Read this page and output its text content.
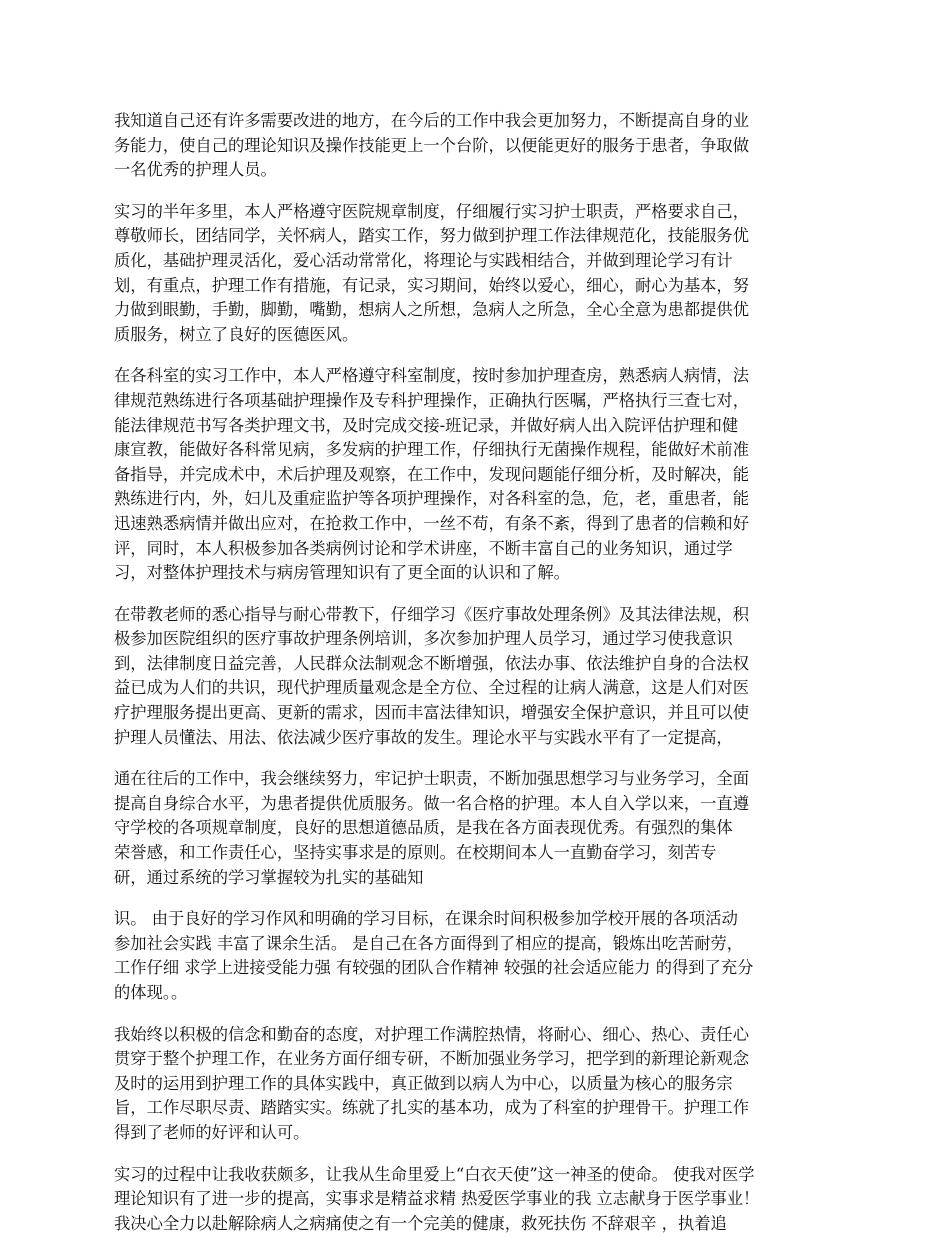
我知道自己还有许多需要改进的地方，在今后的工作中我会更加努力，不断提高自身的业
务能力，使自己的理论知识及操作技能更上一个台阶，以便能更好的服务于患者，争取做
一名优秀的护理人员。

实习的半年多里，本人严格遵守医院规章制度，仔细履行实习护士职责，严格要求自己，
尊敬师长，团结同学，关怀病人，踏实工作，努力做到护理工作法律规范化，技能服务优
质化，基础护理灵活化，爱心活动常常化，将理论与实践相结合，并做到理论学习有计
划，有重点，护理工作有措施，有记录，实习期间，始终以爱心，细心，耐心为基本，努
力做到眼勤，手勤，脚勤，嘴勤，想病人之所想，急病人之所急，全心全意为患都提供优
质服务，树立了良好的医德医风。

在各科室的实习工作中，本人严格遵守科室制度，按时参加护理查房，熟悉病人病情，法
律规范熟练进行各项基础护理操作及专科护理操作，正确执行医嘱，严格执行三查七对，
能法律规范书写各类护理文书，及时完成交接-班记录，并做好病人出入院评估护理和健
康宣教，能做好各科常见病，多发病的护理工作，仔细执行无菌操作规程，能做好术前准
备指导，并完成术中，术后护理及观察，在工作中，发现问题能仔细分析，及时解决，能
熟练进行内，外，妇儿及重症监护等各项护理操作，对各科室的急，危，老，重患者，能
迅速熟悉病情并做出应对，在抢救工作中，一丝不苟，有条不紊，得到了患者的信赖和好
评，同时，本人积极参加各类病例讨论和学术讲座，不断丰富自己的业务知识，通过学
习，对整体护理技术与病房管理知识有了更全面的认识和了解。

在带教老师的悉心指导与耐心带教下，仔细学习《医疗事故处理条例》及其法律法规，积
极参加医院组织的医疗事故护理条例培训，多次参加护理人员学习，通过学习使我意识
到，法律制度日益完善，人民群众法制观念不断增强，依法办事、依法维护自身的合法权
益已成为人们的共识，现代护理质量观念是全方位、全过程的让病人满意，这是人们对医
疗护理服务提出更高、更新的需求，因而丰富法律知识，增强安全保护意识，并且可以使
护理人员懂法、用法、依法减少医疗事故的发生。理论水平与实践水平有了一定提高，

通在往后的工作中，我会继续努力，牢记护士职责，不断加强思想学习与业务学习，全面
提高自身综合水平，为患者提供优质服务。做一名合格的护理。本人自入学以来，一直遵
守学校的各项规章制度，良好的思想道德品质，是我在各方面表现优秀。有强烈的集体
荣誉感，和工作责任心，坚持实事求是的原则。在校期间本人一直勤奋学习，刻苦专
研，通过系统的学习掌握较为扎实的基础知

识。 由于良好的学习作风和明确的学习目标，在课余时间积极参加学校开展的各项活动
参加社会实践 丰富了课余生活。 是自己在各方面得到了相应的提高，锻炼出吃苦耐劳，
工作仔细 求学上进接受能力强 有较强的团队合作精神 较强的社会适应能力 的得到了充分
的体现。。

我始终以积极的信念和勤奋的态度，对护理工作满腔热情，将耐心、细心、热心、责任心
贯穿于整个护理工作，在业务方面仔细专研，不断加强业务学习，把学到的新理论新观念
及时的运用到护理工作的具体实践中，真正做到以病人为中心，以质量为核心的服务宗
旨，工作尽职尽责、踏踏实实。练就了扎实的基本功，成为了科室的护理骨干。护理工作
得到了老师的好评和认可。

实习的过程中让我收获颇多，让我从生命里爱上“白衣天使”这一神圣的使命。 使我对医学
理论知识有了进一步的提高，实事求是精益求精 热爱医学事业的我 立志献身于医学事业！
我决心全力以赴解除病人之病痛使之有一个完美的健康，救死扶伤 不辞艰辛 ，执着追
